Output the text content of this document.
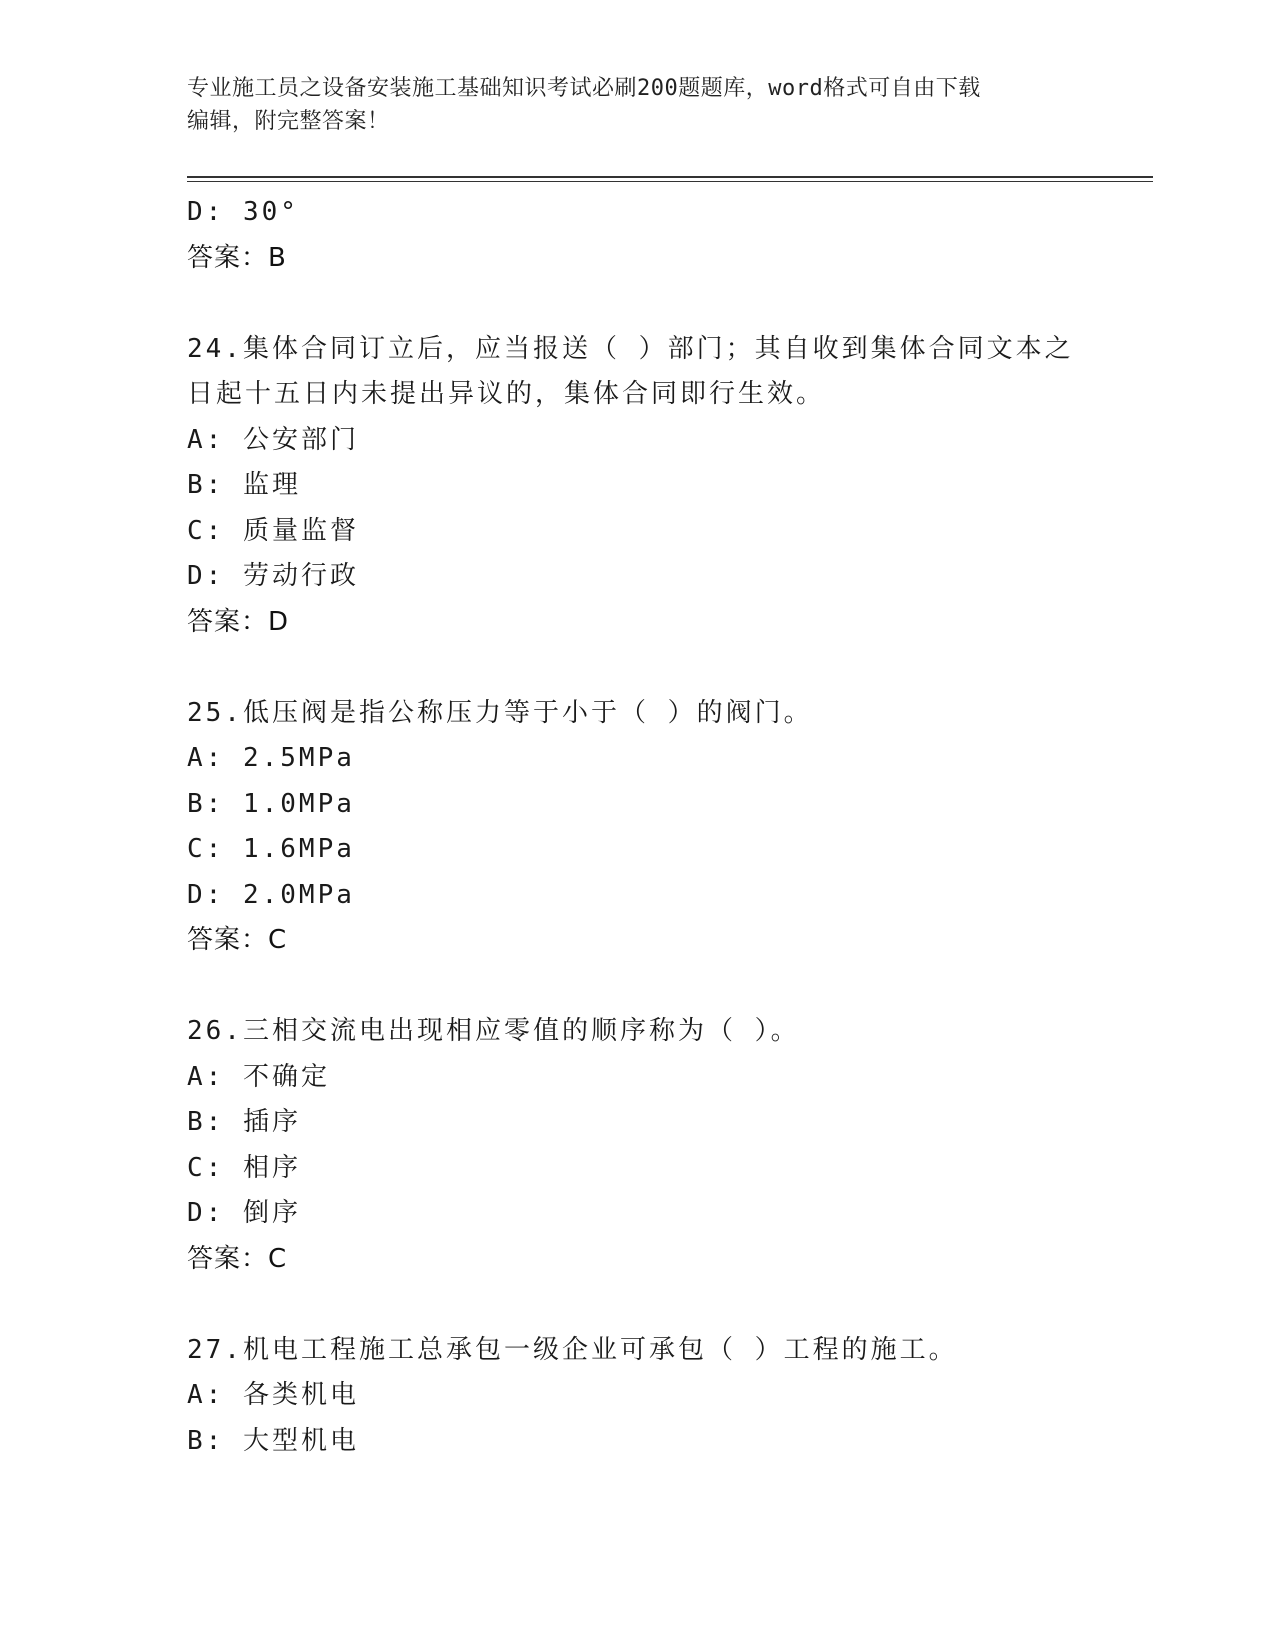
专业施工员之设备安装施工基础知识考试必刷200题题库，word格式可自由下载
编辑，附完整答案！
D: 30°
答案：B
24.集体合同订立后，应当报送（ ）部门；其自收到集体合同文本之
日起十五日内未提出异议的，集体合同即行生效。
A: 公安部门
B: 监理
C: 质量监督
D: 劳动行政
答案：D
25.低压阀是指公称压力等于小于（ ）的阀门。
A: 2.5MPa
B: 1.0MPa
C: 1.6MPa
D: 2.0MPa
答案：C
26.三相交流电出现相应零值的顺序称为（ ）。
A: 不确定
B: 插序
C: 相序
D: 倒序
答案：C
27.机电工程施工总承包一级企业可承包（ ）工程的施工。
A: 各类机电
B: 大型机电
